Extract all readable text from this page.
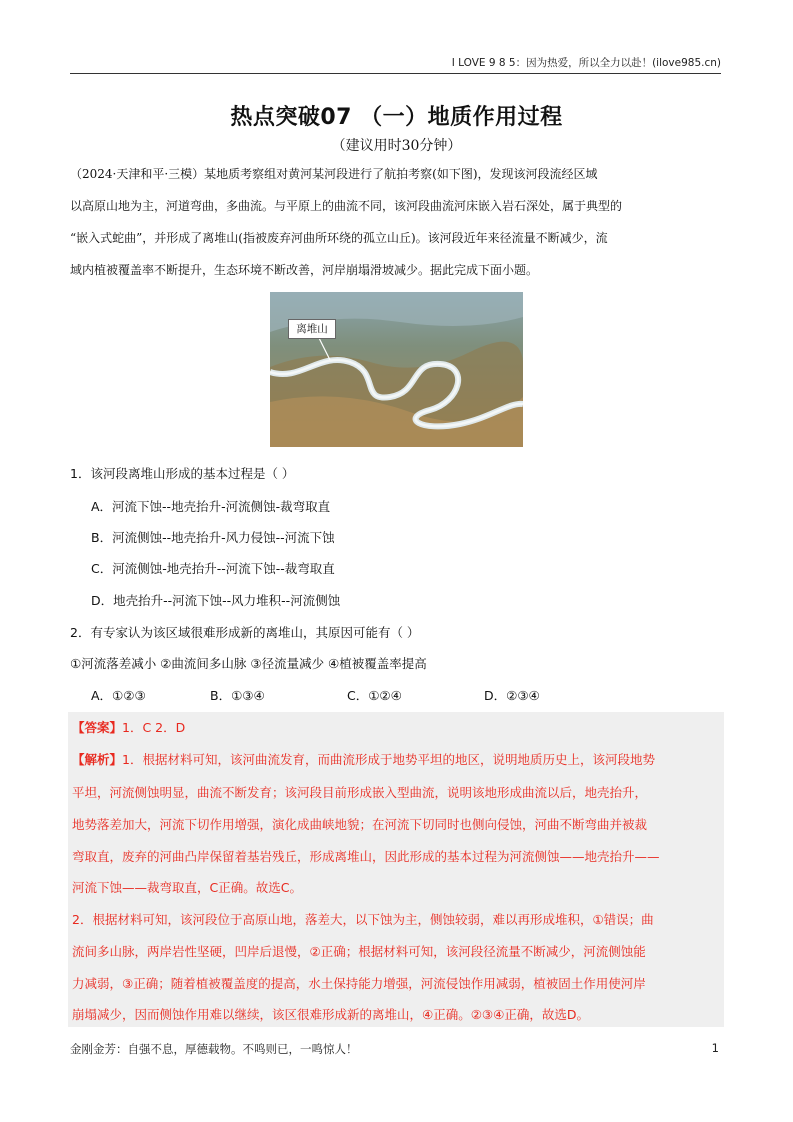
I LOVE 9 8 5：因为热爱，所以全力以赴！(ilove985.cn)
热点突破07 （一）地质作用过程
（建议用时30分钟）
（2024·天津和平·三模）某地质考察组对黄河某河段进行了航拍考察(如下图)，发现该河段流经区域
以高原山地为主，河道弯曲，多曲流。与平原上的曲流不同，该河段曲流河床嵌入岩石深处，属于典型的
“嵌入式蛇曲”，并形成了离堆山(指被废弃河曲所环绕的孤立山丘)。该河段近年来径流量不断减少，流
域内植被覆盖率不断提升，生态环境不断改善，河岸崩塌滑坡减少。据此完成下面小题。
离堆山
1．该河段离堆山形成的基本过程是（ ）
A．河流下蚀--地壳抬升-河流侧蚀-裁弯取直
B．河流侧蚀--地壳抬升-风力侵蚀--河流下蚀
C．河流侧蚀-地壳抬升--河流下蚀--裁弯取直
D．地壳抬升--河流下蚀--风力堆积--河流侧蚀
2．有专家认为该区域很难形成新的离堆山，其原因可能有（ ）
①河流落差减小 ②曲流间多山脉 ③径流量减少 ④植被覆盖率提高
A．①②③	B．①③④	C．①②④	D．②③④
【答案】1．C 2．D
【解析】1．根据材料可知，该河曲流发育，而曲流形成于地势平坦的地区，说明地质历史上，该河段地势
平坦，河流侧蚀明显，曲流不断发育；该河段目前形成嵌入型曲流，说明该地形成曲流以后，地壳抬升，
地势落差加大，河流下切作用增强，演化成曲峡地貌；在河流下切同时也侧向侵蚀，河曲不断弯曲并被裁
弯取直，废弃的河曲凸岸保留着基岩残丘，形成离堆山，因此形成的基本过程为河流侧蚀——地壳抬升——
河流下蚀——裁弯取直，C正确。故选C。
2．根据材料可知，该河段位于高原山地，落差大，以下蚀为主，侧蚀较弱，难以再形成堆积，①错误；曲
流间多山脉，两岸岩性坚硬，凹岸后退慢，②正确；根据材料可知，该河段径流量不断减少，河流侧蚀能
力减弱，③正确；随着植被覆盖度的提高，水土保持能力增强，河流侵蚀作用减弱，植被固土作用使河岸
崩塌减少，因而侧蚀作用难以继续，该区很难形成新的离堆山，④正确。②③④正确，故选D。
金刚金芳：自强不息，厚德载物。不鸣则已，一鸣惊人！	1
